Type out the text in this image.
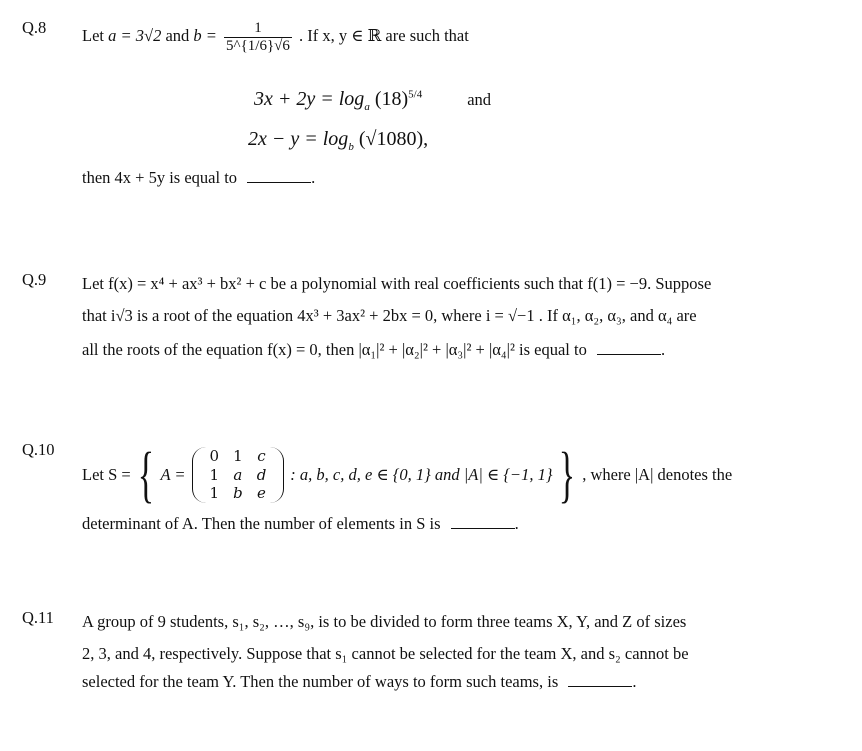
Q.8 Let a = 3√2 and $b = \frac{1}{5\^{}\{1/6\}√6}$ . If x, y ∈ ℝ are such that
$3x + 2y = \log_a (18)^{5/4}$	and
$2x - y = \log_b (√1080)$,
then 4x + 5y is equal to	.
Q.9 Let f(x) = x⁴ + ax³ + bx² + c be a polynomial with real coefficients such that f(1) = −9. Suppose
that i√3 is a root of the equation 4x³ + 3ax² + 2bx = 0, where i = √−1 . If α₁, α₂, α₃, and α₄ are
all the roots of the equation f(x) = 0, then |α₁|² + |α₂|² + |α₃|² + |α₄|² is equal to	.
Q.10
Let S = { A =
0	1	c
1	a	d
1	b	e
: a, b, c, d, e ∈ {0, 1} and |A| ∈ {−1, 1} } , where |A| denotes the
determinant of A. Then the number of elements in S is	.
Q.11 A group of 9 students, s₁, s₂, …, s₉, is to be divided to form three teams X, Y, and Z of sizes
2, 3, and 4, respectively. Suppose that s₁ cannot be selected for the team X, and s₂ cannot be
selected for the team Y. Then the number of ways to form such teams, is	.
